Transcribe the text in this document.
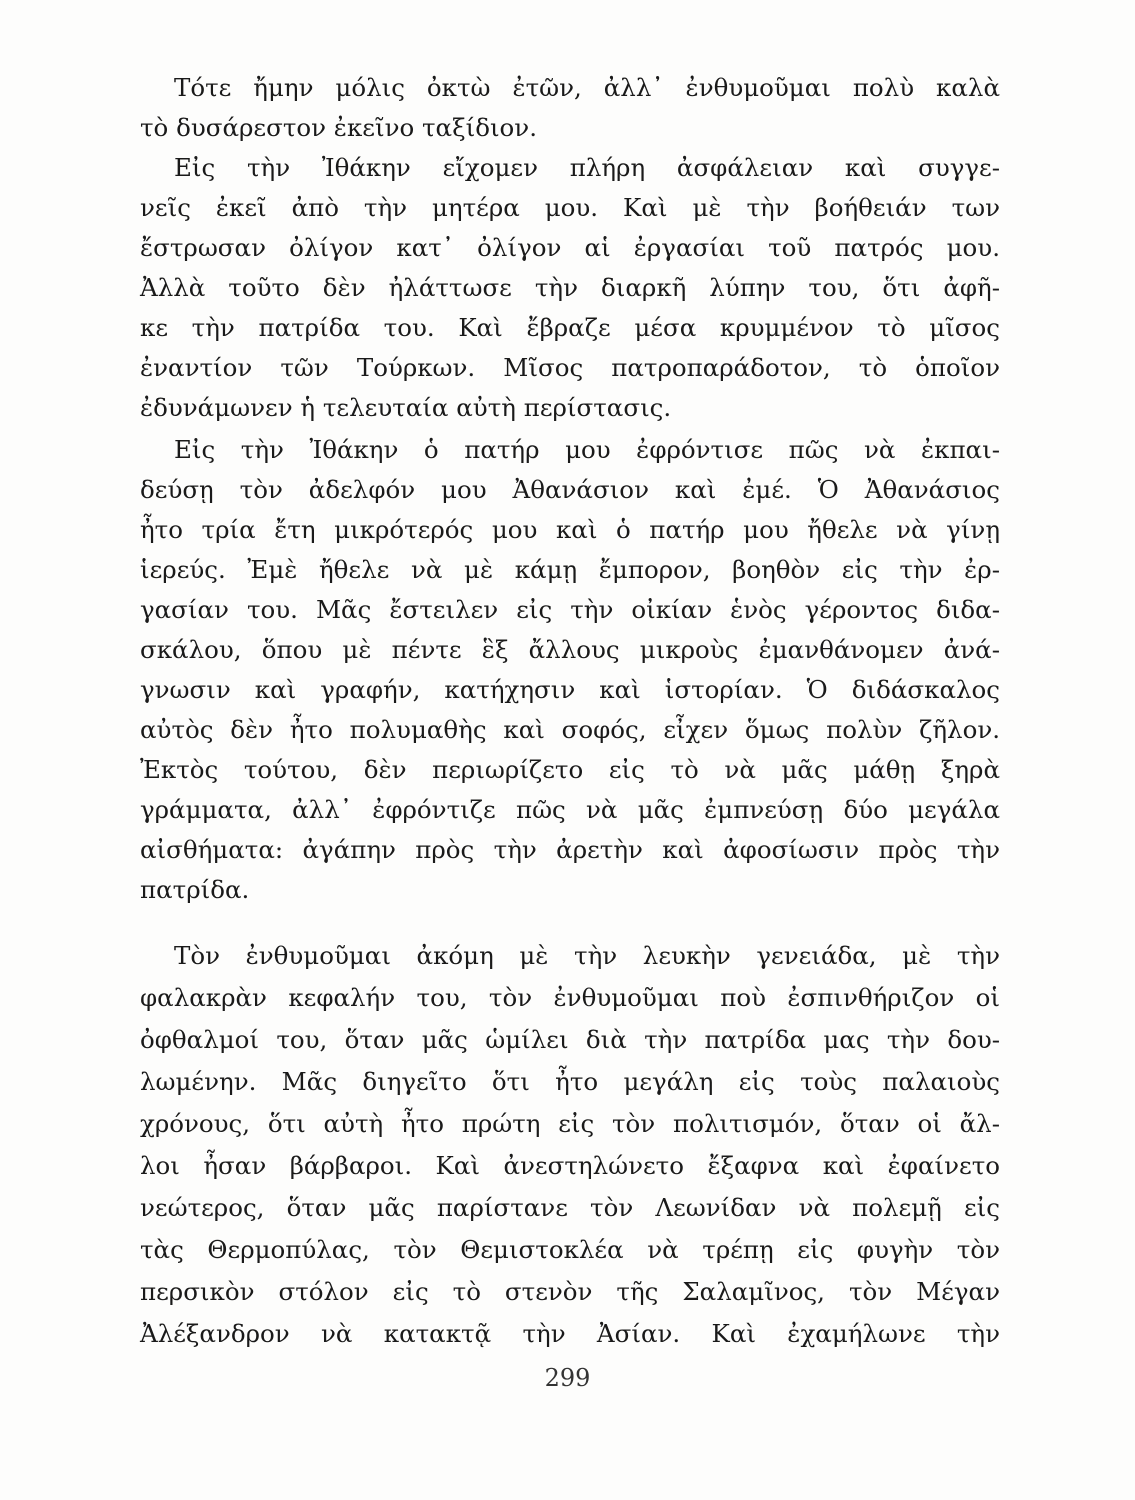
Τότε ἤμην μόλις ὀκτὼ ἐτῶν, ἀλλ᾽ ἐνθυμοῦμαι πολὺ καλὰ
τὸ δυσάρεστον ἐκεῖνο ταξίδιον.
Εἰς τὴν Ἰθάκην εἴχομεν πλήρη ἀσφάλειαν καὶ συγγε-
νεῖς ἐκεῖ ἀπὸ τὴν μητέρα μου. Καὶ μὲ τὴν βοήθειάν των
ἔστρωσαν ὀλίγον κατ᾽ ὀλίγον αἱ ἐργασίαι τοῦ πατρός μου.
Ἀλλὰ τοῦτο δὲν ἠλάττωσε τὴν διαρκῆ λύπην του, ὅτι ἀφῆ-
κε τὴν πατρίδα του. Καὶ ἔβραζε μέσα κρυμμένον τὸ μῖσος
ἐναντίον τῶν Τούρκων. Μῖσος πατροπαράδοτον, τὸ ὁποῖον
ἐδυνάμωνεν ἡ τελευταία αὐτὴ περίστασις.
Εἰς τὴν Ἰθάκην ὁ πατήρ μου ἐφρόντισε πῶς νὰ ἐκπαι-
δεύσῃ τὸν ἀδελφόν μου Ἀθανάσιον καὶ ἐμέ. Ὁ Ἀθανάσιος
ἦτο τρία ἔτη μικρότερός μου καὶ ὁ πατήρ μου ἤθελε νὰ γίνῃ
ἱερεύς. Ἐμὲ ἤθελε νὰ μὲ κάμῃ ἔμπορον, βοηθὸν εἰς τὴν ἐρ-
γασίαν του. Μᾶς ἔστειλεν εἰς τὴν οἰκίαν ἑνὸς γέροντος διδα-
σκάλου, ὅπου μὲ πέντε ἓξ ἄλλους μικροὺς ἐμανθάνομεν ἀνά-
γνωσιν καὶ γραφήν, κατήχησιν καὶ ἱστορίαν. Ὁ διδάσκαλος
αὐτὸς δὲν ἦτο πολυμαθὴς καὶ σοφός, εἶχεν ὅμως πολὺν ζῆλον.
Ἐκτὸς τούτου, δὲν περιωρίζετο εἰς τὸ νὰ μᾶς μάθῃ ξηρὰ
γράμματα, ἀλλ᾽ ἐφρόντιζε πῶς νὰ μᾶς ἐμπνεύσῃ δύο μεγάλα
αἰσθήματα: ἀγάπην πρὸς τὴν ἀρετὴν καὶ ἀφοσίωσιν πρὸς τὴν
πατρίδα.
Τὸν ἐνθυμοῦμαι ἀκόμη μὲ τὴν λευκὴν γενειάδα, μὲ τὴν
φαλακρὰν κεφαλήν του, τὸν ἐνθυμοῦμαι ποὺ ἐσπινθήριζον οἱ
ὀφθαλμοί του, ὅταν μᾶς ὡμίλει διὰ τὴν πατρίδα μας τὴν δου-
λωμένην. Μᾶς διηγεῖτο ὅτι ἦτο μεγάλη εἰς τοὺς παλαιοὺς
χρόνους, ὅτι αὐτὴ ἦτο πρώτη εἰς τὸν πολιτισμόν, ὅταν οἱ ἄλ-
λοι ἦσαν βάρβαροι. Καὶ ἀνεστηλώνετο ἔξαφνα καὶ ἐφαίνετο
νεώτερος, ὅταν μᾶς παρίστανε τὸν Λεωνίδαν νὰ πολεμῇ εἰς
τὰς Θερμοπύλας, τὸν Θεμιστοκλέα νὰ τρέπῃ εἰς φυγὴν τὸν
περσικὸν στόλον εἰς τὸ στενὸν τῆς Σαλαμῖνος, τὸν Μέγαν
Ἀλέξανδρον νὰ κατακτᾷ τὴν Ἀσίαν. Καὶ ἐχαμήλωνε τὴν
299
